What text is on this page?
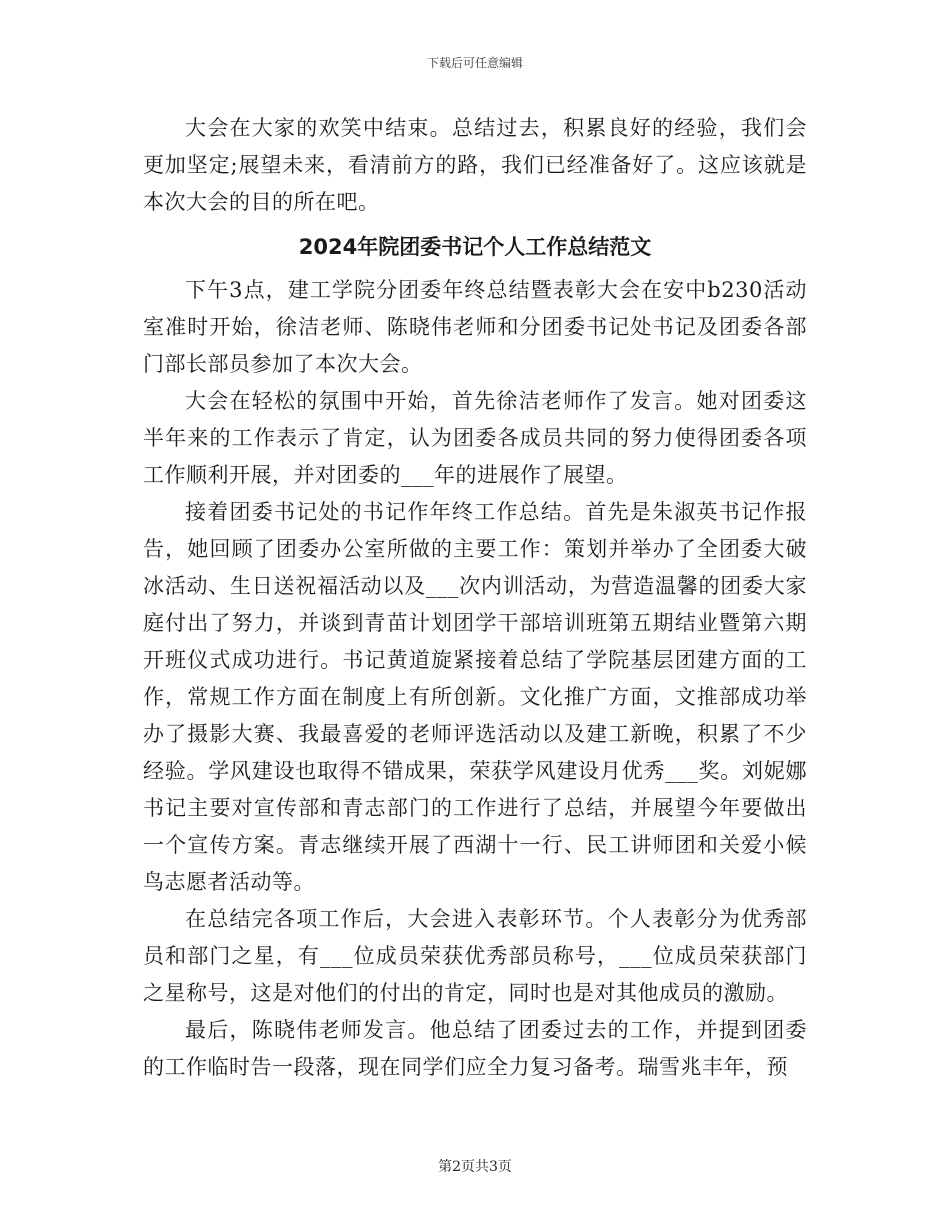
下载后可任意编辑

大会在大家的欢笑中结束。总结过去，积累良好的经验，我们会更加坚定;展望未来，看清前方的路，我们已经准备好了。这应该就是本次大会的目的所在吧。

2024年院团委书记个人工作总结范文

下午3点，建工学院分团委年终总结暨表彰大会在安中b230活动室准时开始，徐洁老师、陈晓伟老师和分团委书记处书记及团委各部门部长部员参加了本次大会。

大会在轻松的氛围中开始，首先徐洁老师作了发言。她对团委这半年来的工作表示了肯定，认为团委各成员共同的努力使得团委各项工作顺利开展，并对团委的___年的进展作了展望。

接着团委书记处的书记作年终工作总结。首先是朱淑英书记作报告，她回顾了团委办公室所做的主要工作：策划并举办了全团委大破冰活动、生日送祝福活动以及___次内训活动，为营造温馨的团委大家庭付出了努力，并谈到青苗计划团学干部培训班第五期结业暨第六期开班仪式成功进行。书记黄道旋紧接着总结了学院基层团建方面的工作，常规工作方面在制度上有所创新。文化推广方面，文推部成功举办了摄影大赛、我最喜爱的老师评选活动以及建工新晚，积累了不少经验。学风建设也取得不错成果，荣获学风建设月优秀___奖。刘妮娜书记主要对宣传部和青志部门的工作进行了总结，并展望今年要做出一个宣传方案。青志继续开展了西湖十一行、民工讲师团和关爱小候鸟志愿者活动等。

在总结完各项工作后，大会进入表彰环节。个人表彰分为优秀部员和部门之星，有___位成员荣获优秀部员称号，___位成员荣获部门之星称号，这是对他们的付出的肯定，同时也是对其他成员的激励。

最后，陈晓伟老师发言。他总结了团委过去的工作，并提到团委的工作临时告一段落，现在同学们应全力复习备考。瑞雪兆丰年，预

第2页共3页
